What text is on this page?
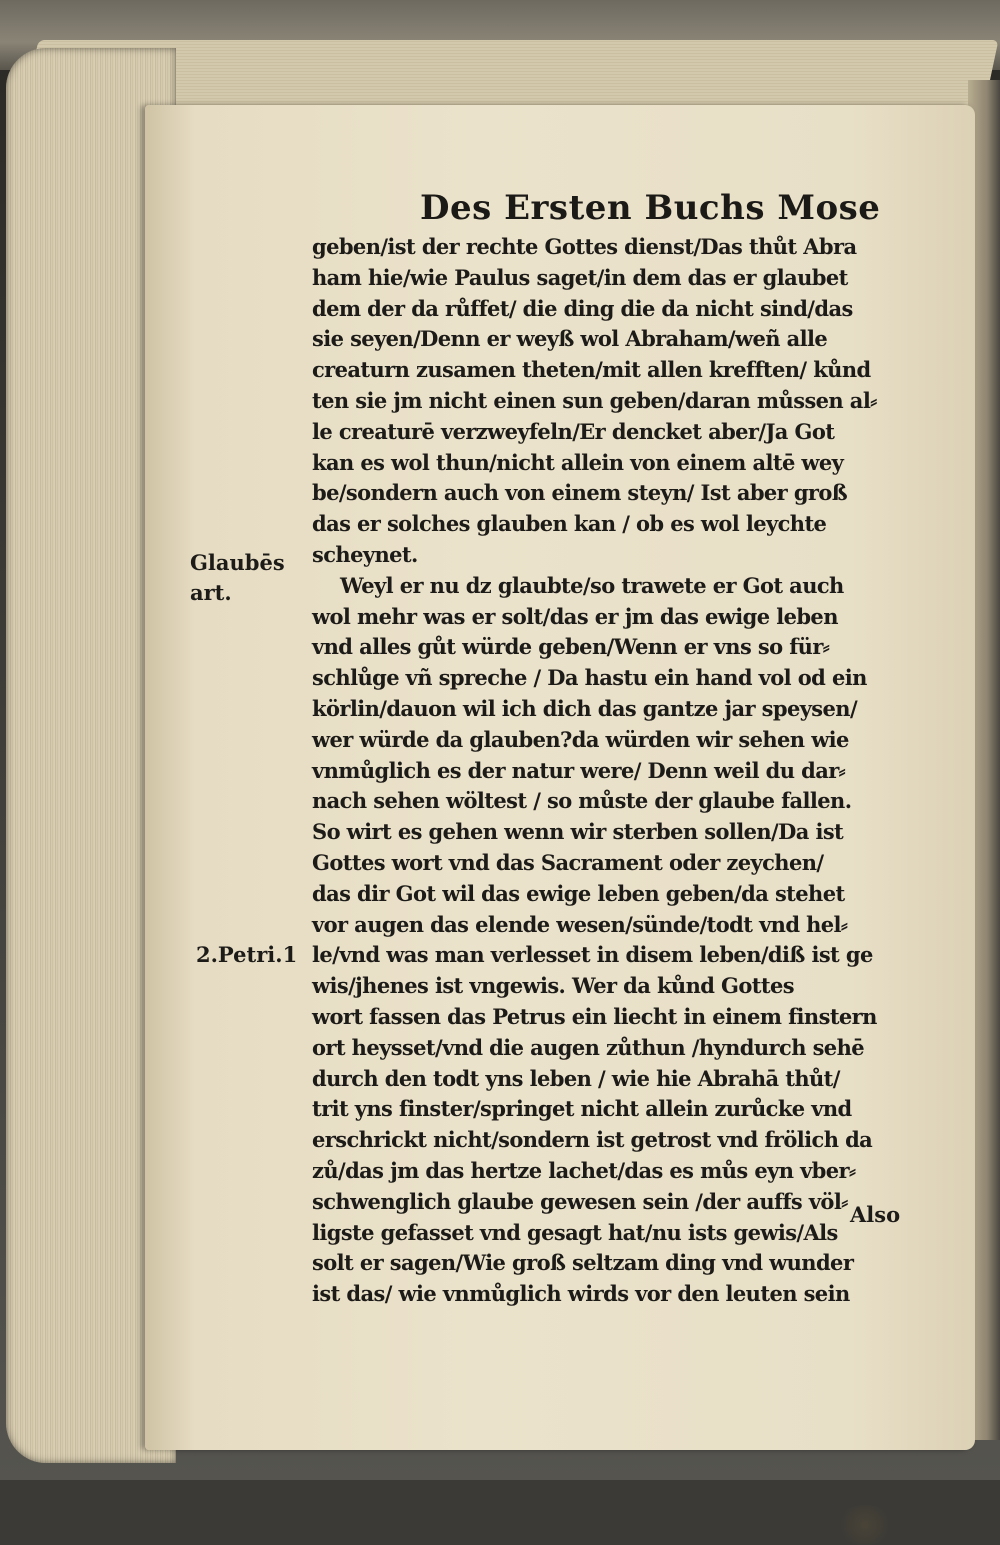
Des Ersten Buchs Mose
Glaubēs
art.
2.Petri.1
geben/ist der rechte Gottes dienst/Das thůt Abra
ham hie/wie Paulus saget/in dem das er glaubet
dem der da růffet/ die ding die da nicht sind/das
sie seyen/Denn er weyß wol Abraham/weñ alle
creaturn zusamen theten/mit allen krefften/ kůnd
ten sie jm nicht einen sun geben/daran můssen al⸗
le creaturē verzweyfeln/Er dencket aber/Ja Got
kan es wol thun/nicht allein von einem altē wey
be/sondern auch von einem steyn/ Ist aber groß
das er solches glauben kan / ob es wol leychte
scheynet.
Weyl er nu dz glaubte/so trawete er Got auch
wol mehr was er solt/das er jm das ewige leben
vnd alles gůt würde geben/Wenn er vns so für⸗
schlůge vñ spreche / Da hastu ein hand vol od ein
körlin/dauon wil ich dich das gantze jar speysen/
wer würde da glauben?da würden wir sehen wie
vnmůglich es der natur were/ Denn weil du dar⸗
nach sehen wöltest / so můste der glaube fallen.
So wirt es gehen wenn wir sterben sollen/Da ist
Gottes wort vnd das Sacrament oder zeychen/
das dir Got wil das ewige leben geben/da stehet
vor augen das elende wesen/sünde/todt vnd hel⸗
le/vnd was man verlesset in disem leben/diß ist ge
wis/jhenes ist vngewis. Wer da kůnd Gottes
wort fassen das Petrus ein liecht in einem finstern
ort heysset/vnd die augen zůthun /hyndurch sehē
durch den todt yns leben / wie hie Abrahā thůt/
trit yns finster/springet nicht allein zurůcke vnd
erschrickt nicht/sondern ist getrost vnd frölich da
zů/das jm das hertze lachet/das es můs eyn vber⸗
schwenglich glaube gewesen sein /der auffs völ⸗
ligste gefasset vnd gesagt hat/nu ists gewis/Als
solt er sagen/Wie groß seltzam ding vnd wunder
ist das/ wie vnmůglich wirds vor den leuten sein
Also
